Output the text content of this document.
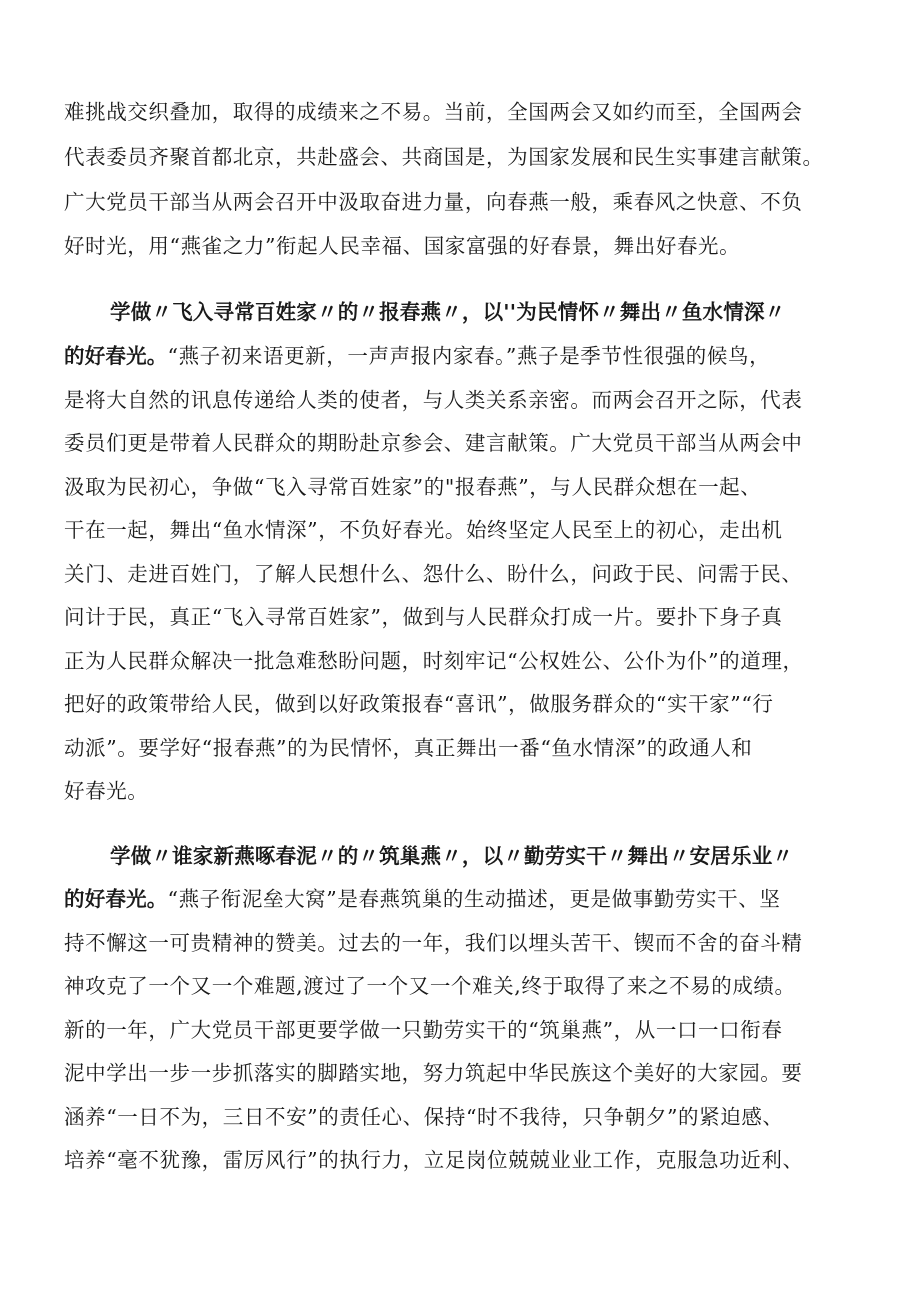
难挑战交织叠加，取得的成绩来之不易。当前，全国两会又如约而至，全国两会
代表委员齐聚首都北京，共赴盛会、共商国是，为国家发展和民生实事建言献策。
广大党员干部当从两会召开中汲取奋进力量，向春燕一般，乘春风之快意、不负
好时光，用“燕雀之力”衔起人民幸福、国家富强的好春景，舞出好春光。
学做〃飞入寻常百姓家〃的〃报春燕〃，以''为民情怀〃舞出〃鱼水情深〃
的好春光。“燕子初来语更新，一声声报内家春。”燕子是季节性很强的候鸟，
是将大自然的讯息传递给人类的使者，与人类关系亲密。而两会召开之际，代表
委员们更是带着人民群众的期盼赴京参会、建言献策。广大党员干部当从两会中
汲取为民初心，争做“飞入寻常百姓家”的"报春燕”，与人民群众想在一起、
干在一起，舞出“鱼水情深”，不负好春光。始终坚定人民至上的初心，走出机
关门、走进百姓门，了解人民想什么、怨什么、盼什么，问政于民、问需于民、
问计于民，真正“飞入寻常百姓家”，做到与人民群众打成一片。要扑下身子真
正为人民群众解决一批急难愁盼问题，时刻牢记“公权姓公、公仆为仆”的道理，
把好的政策带给人民，做到以好政策报春“喜讯”，做服务群众的“实干家”“行
动派”。要学好“报春燕”的为民情怀，真正舞出一番“鱼水情深”的政通人和
好春光。
学做〃谁家新燕啄春泥〃的〃筑巢燕〃，以〃勤劳实干〃舞出〃安居乐业〃
的好春光。“燕子衔泥垒大窝”是春燕筑巢的生动描述，更是做事勤劳实干、坚
持不懈这一可贵精神的赞美。过去的一年，我们以埋头苦干、锲而不舍的奋斗精
神攻克了一个又一个难题,渡过了一个又一个难关,终于取得了来之不易的成绩。
新的一年，广大党员干部更要学做一只勤劳实干的“筑巢燕”，从一口一口衔春
泥中学出一步一步抓落实的脚踏实地，努力筑起中华民族这个美好的大家园。要
涵养“一日不为，三日不安”的责任心、保持“时不我待，只争朝夕”的紧迫感、
培养“毫不犹豫，雷厉风行”的执行力，立足岗位兢兢业业工作，克服急功近利、
